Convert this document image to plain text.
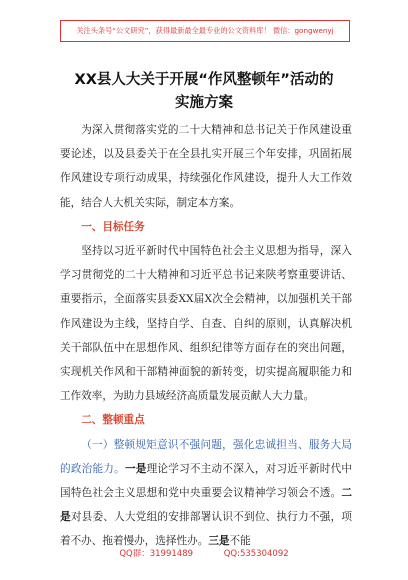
关注头条号“公文研究”，获得最新最全最专业的公文资料库！ 微信：gongwenyj
XX县人大关于开展“作风整顿年”活动的
实施方案

为深入贯彻落实党的二十大精神和总书记关于作风建设重要论述，以及县委关于在全县扎实开展三个年安排，巩固拓展作风建设专项行动成果，持续强化作风建设，提升人大工作效能，结合人大机关实际，制定本方案。

一、目标任务

坚持以习近平新时代中国特色社会主义思想为指导，深入学习贯彻党的二十大精神和习近平总书记来陕考察重要讲话、重要指示，全面落实县委XX届X次全会精神，以加强机关干部作风建设为主线，坚持自学、自查、自纠的原则，认真解决机关干部队伍中在思想作风、组织纪律等方面存在的突出问题，实现机关作风和干部精神面貌的新转变，切实提高履职能力和工作效率，为助力县域经济高质量发展贡献人大力量。

二、整顿重点

（一）整顿规矩意识不强问题，强化忠诚担当、服务大局的政治能力。一是理论学习不主动不深入，对习近平新时代中国特色社会主义思想和党中央重要会议精神学习领会不透。二是对县委、人大党组的安排部署认识不到位、执行力不强，项着不办、拖着慢办，选择性办。三是不能

QQ群：31991489	QQ:535304092
